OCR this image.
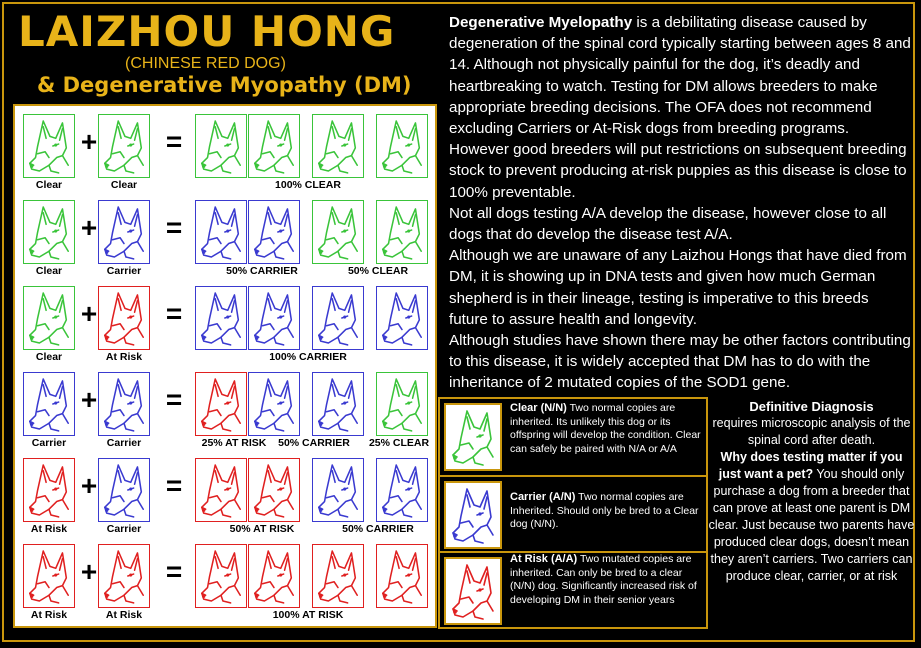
LAIZHOU HONG
(CHINESE RED DOG)
& Degenerative Myopathy (DM)
Clear	Clear
+ =
100% CLEAR
Clear	Carrier
+ =
50% CARRIER	50% CLEAR
Clear	At Risk
+ =
100% CARRIER
Carrier	Carrier
+ =
25% AT RISK 50% CARRIER 25% CLEAR
At Risk	Carrier
+ =
50% AT RISK	50% CARRIER
At Risk	At Risk
+ =
100% AT RISK

Degenerative Myelopathy is a debilitating disease caused by degeneration of the spinal cord typically starting between ages 8 and 14. Although not physically painful for the dog, it’s deadly and heartbreaking to watch. Testing for DM allows breeders to make appropriate breeding decisions. The OFA does not recommend excluding Carriers or At-Risk dogs from breeding programs. However good breeders will put restrictions on subsequent breeding stock to prevent producing at-risk puppies as this disease is close to 100% preventable.

Not all dogs testing A/A develop the disease, however close to all dogs that do develop the disease test A/A.

Although we are unaware of any Laizhou Hongs that have died from DM, it is showing up in DNA tests and given how much German shepherd is in their lineage, testing is imperative to this breeds future to assure health and longevity.

Although studies have shown there may be other factors contributing to this disease, it is widely accepted that DM has to do with the inheritance of 2 mutated copies of the SOD1 gene.

Clear (N/N) Two normal copies are inherited. Its unlikely this dog or its offspring will develop the condition. Clear can safely be paired with N/A or A/A
Carrier (A/N) Two normal copies are Inherited. Should only be bred to a Clear dog (N/N).
At Risk (A/A) Two mutated copies are inherited. Can only be bred to a clear (N/N) dog. Significantly increased risk of developing DM in their senior years
Definitive Diagnosis
requires microscopic analysis of the spinal cord after death.
Why does testing matter if you just want a pet? You should only purchase a dog from a breeder that can prove at least one parent is DM clear. Just because two parents have produced clear dogs, doesn’t mean they aren’t carriers. Two carriers can produce clear, carrier, or at risk
